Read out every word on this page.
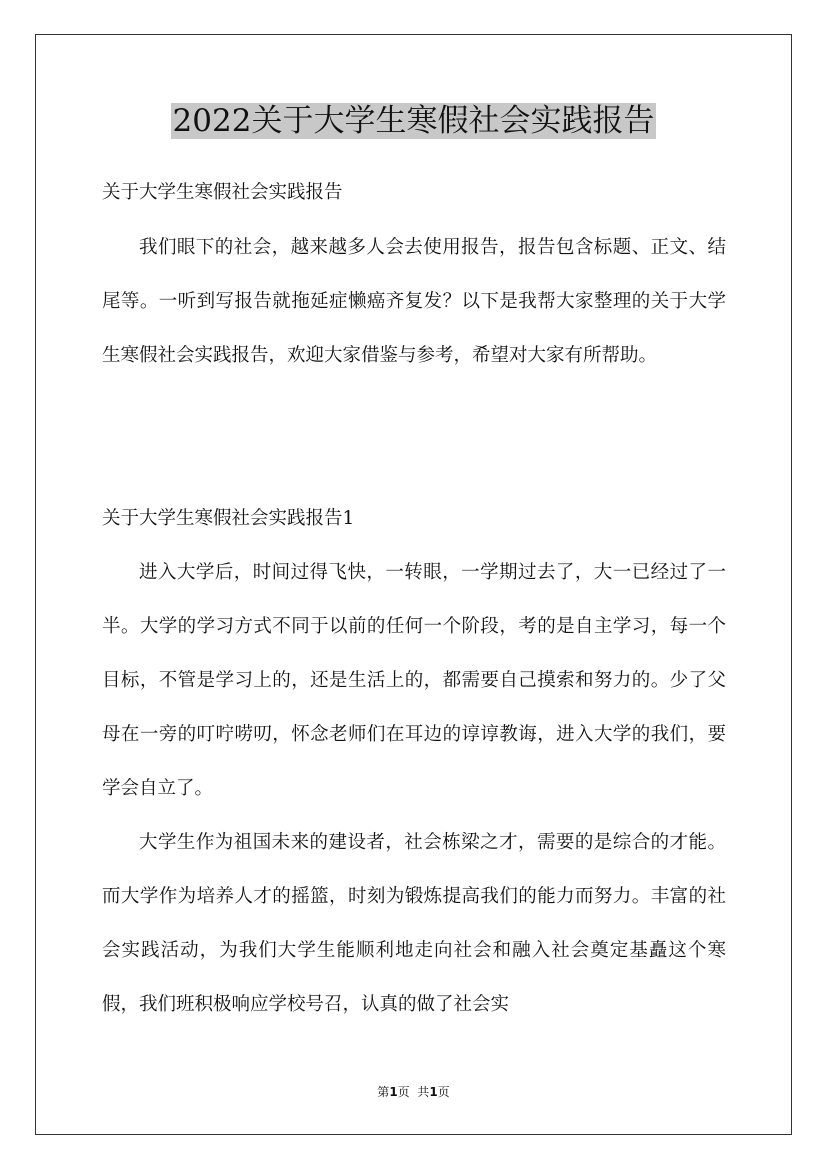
2022关于大学生寒假社会实践报告
关于大学生寒假社会实践报告

我们眼下的社会，越来越多人会去使用报告，报告包含标题、正文、结尾等。一听到写报告就拖延症懒癌齐复发？以下是我帮大家整理的关于大学生寒假社会实践报告，欢迎大家借鉴与参考，希望对大家有所帮助。

关于大学生寒假社会实践报告1

进入大学后，时间过得飞快，一转眼，一学期过去了，大一已经过了一半。大学的学习方式不同于以前的任何一个阶段，考的是自主学习，每一个目标，不管是学习上的，还是生活上的，都需要自己摸索和努力的。少了父母在一旁的叮咛唠叨，怀念老师们在耳边的谆谆教诲，进入大学的我们，要学会自立了。

大学生作为祖国未来的建设者，社会栋梁之才，需要的是综合的才能。而大学作为培养人才的摇篮，时刻为锻炼提高我们的能力而努力。丰富的社会实践活动，为我们大学生能顺利地走向社会和融入社会奠定基矗这个寒假，我们班积极响应学校号召，认真的做了社会实

第1页  共1页
